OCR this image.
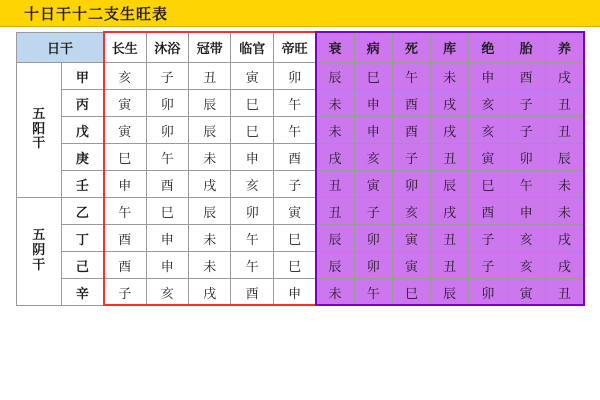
十日干十二支生旺表
日干		长生	沐浴	冠带	临官	帝旺	衰	病	死	库	绝	胎	养
五
阳
干	甲	亥	子	丑	寅	卯	辰	巳	午	未	申	酉	戌
	丙	寅	卯	辰	巳	午	未	申	酉	戌	亥	子	丑
	戊	寅	卯	辰	巳	午	未	申	酉	戌	亥	子	丑
	庚	巳	午	未	申	酉	戌	亥	子	丑	寅	卯	辰
	壬	申	酉	戌	亥	子	丑	寅	卯	辰	巳	午	未
五
阴
干	乙	午	巳	辰	卯	寅	丑	子	亥	戌	酉	申	未
	丁	酉	申	未	午	巳	辰	卯	寅	丑	子	亥	戌
	己	酉	申	未	午	巳	辰	卯	寅	丑	子	亥	戌
	辛	子	亥	戌	酉	申	未	午	巳	辰	卯	寅	丑
